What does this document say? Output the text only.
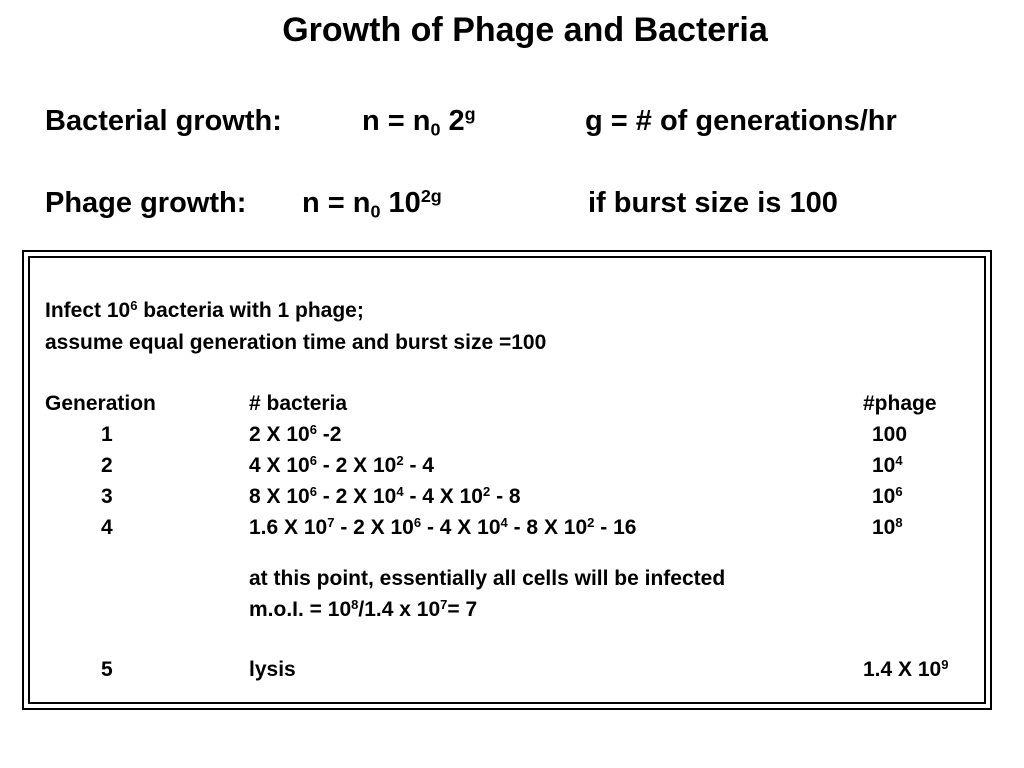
Growth of Phage and Bacteria
Bacterial growth:	$n = n_0$ 2$^g$	g = # of generations/hr
Phage growth: $n = n_0$ $10^{2g}$	if burst size is 100
Infect $10^6$ bacteria with 1 phage;
assume equal generation time and burst size =100
Generation	# bacteria	#phage
1	2 X $10^6$ -2	100
2	4 X $10^6 - 2$ X $10^2 - 4$	$10^4$
3	8 X $10^6 - 2$ X $10^4 - 4$ X $10^2 - 8$	$10^6$
4	1.6 X $10^7 - 2$ X $10^6 - 4$ X $10^4 - 8$ X $10^2 - 16$	$10^8$
at this point, essentially all cells will be infected
m.o.I. = $10^8/1.4$ x $10^7= 7$
5	lysis	1.4 X $10^9$
